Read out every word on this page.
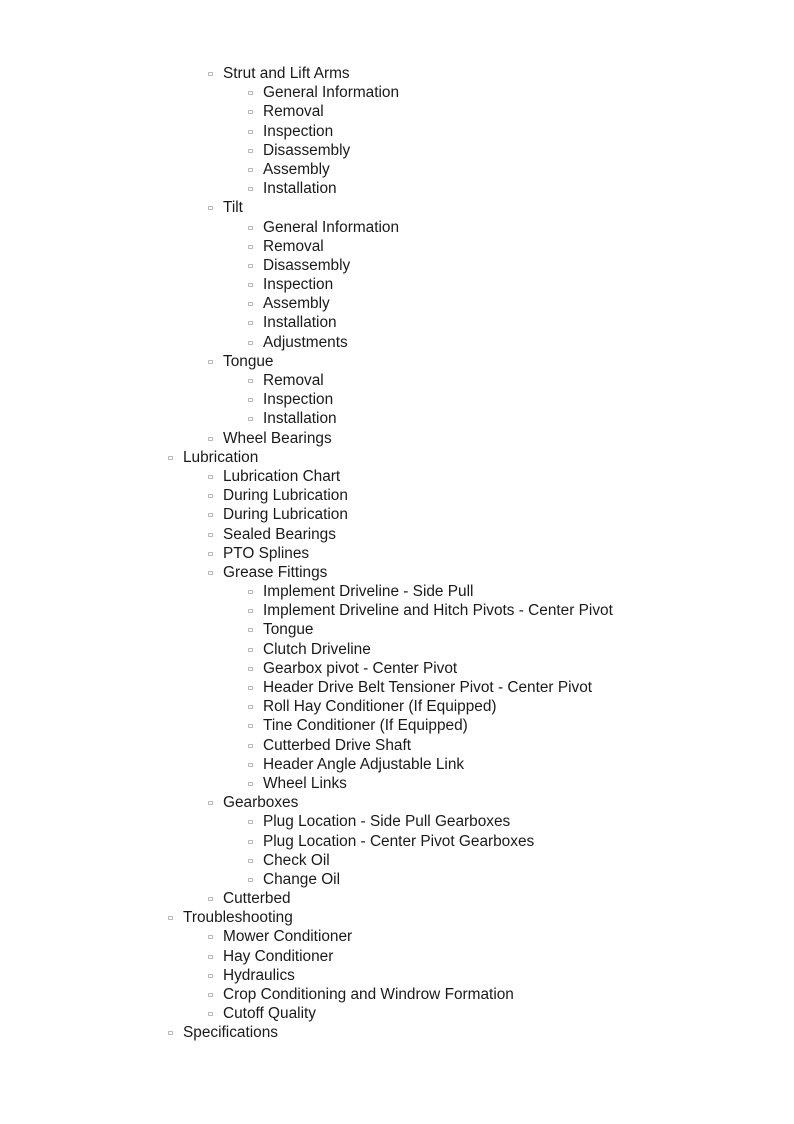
Strut and Lift Arms
General Information
Removal
Inspection
Disassembly
Assembly
Installation
Tilt
General Information
Removal
Disassembly
Inspection
Assembly
Installation
Adjustments
Tongue
Removal
Inspection
Installation
Wheel Bearings
Lubrication
Lubrication Chart
During Lubrication
During Lubrication
Sealed Bearings
PTO Splines
Grease Fittings
Implement Driveline - Side Pull
Implement Driveline and Hitch Pivots - Center Pivot
Tongue
Clutch Driveline
Gearbox pivot - Center Pivot
Header Drive Belt Tensioner Pivot - Center Pivot
Roll Hay Conditioner (If Equipped)
Tine Conditioner (If Equipped)
Cutterbed Drive Shaft
Header Angle Adjustable Link
Wheel Links
Gearboxes
Plug Location - Side Pull Gearboxes
Plug Location - Center Pivot Gearboxes
Check Oil
Change Oil
Cutterbed
Troubleshooting
Mower Conditioner
Hay Conditioner
Hydraulics
Crop Conditioning and Windrow Formation
Cutoff Quality
Specifications
